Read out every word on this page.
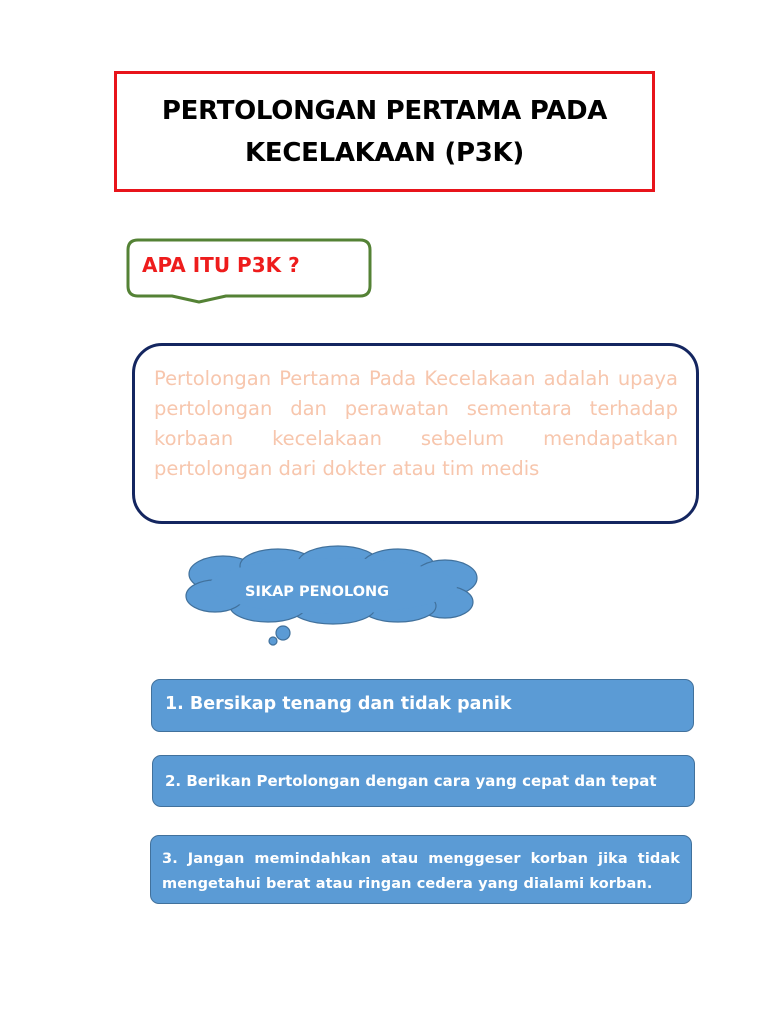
PERTOLONGAN PERTAMA PADA
KECELAKAAN (P3K)
APA ITU P3K ?

Pertolongan Pertama Pada Kecelakaan adalah upaya pertolongan dan perawatan sementara terhadap korbaan kecelakaan sebelum mendapatkan pertolongan dari dokter atau tim medis

SIKAP PENOLONG
1. Bersikap tenang dan tidak panik
2. Berikan Pertolongan dengan cara yang cepat dan tepat
3. Jangan memindahkan atau menggeser korban jika tidak mengetahui berat atau ringan cedera yang dialami korban.
